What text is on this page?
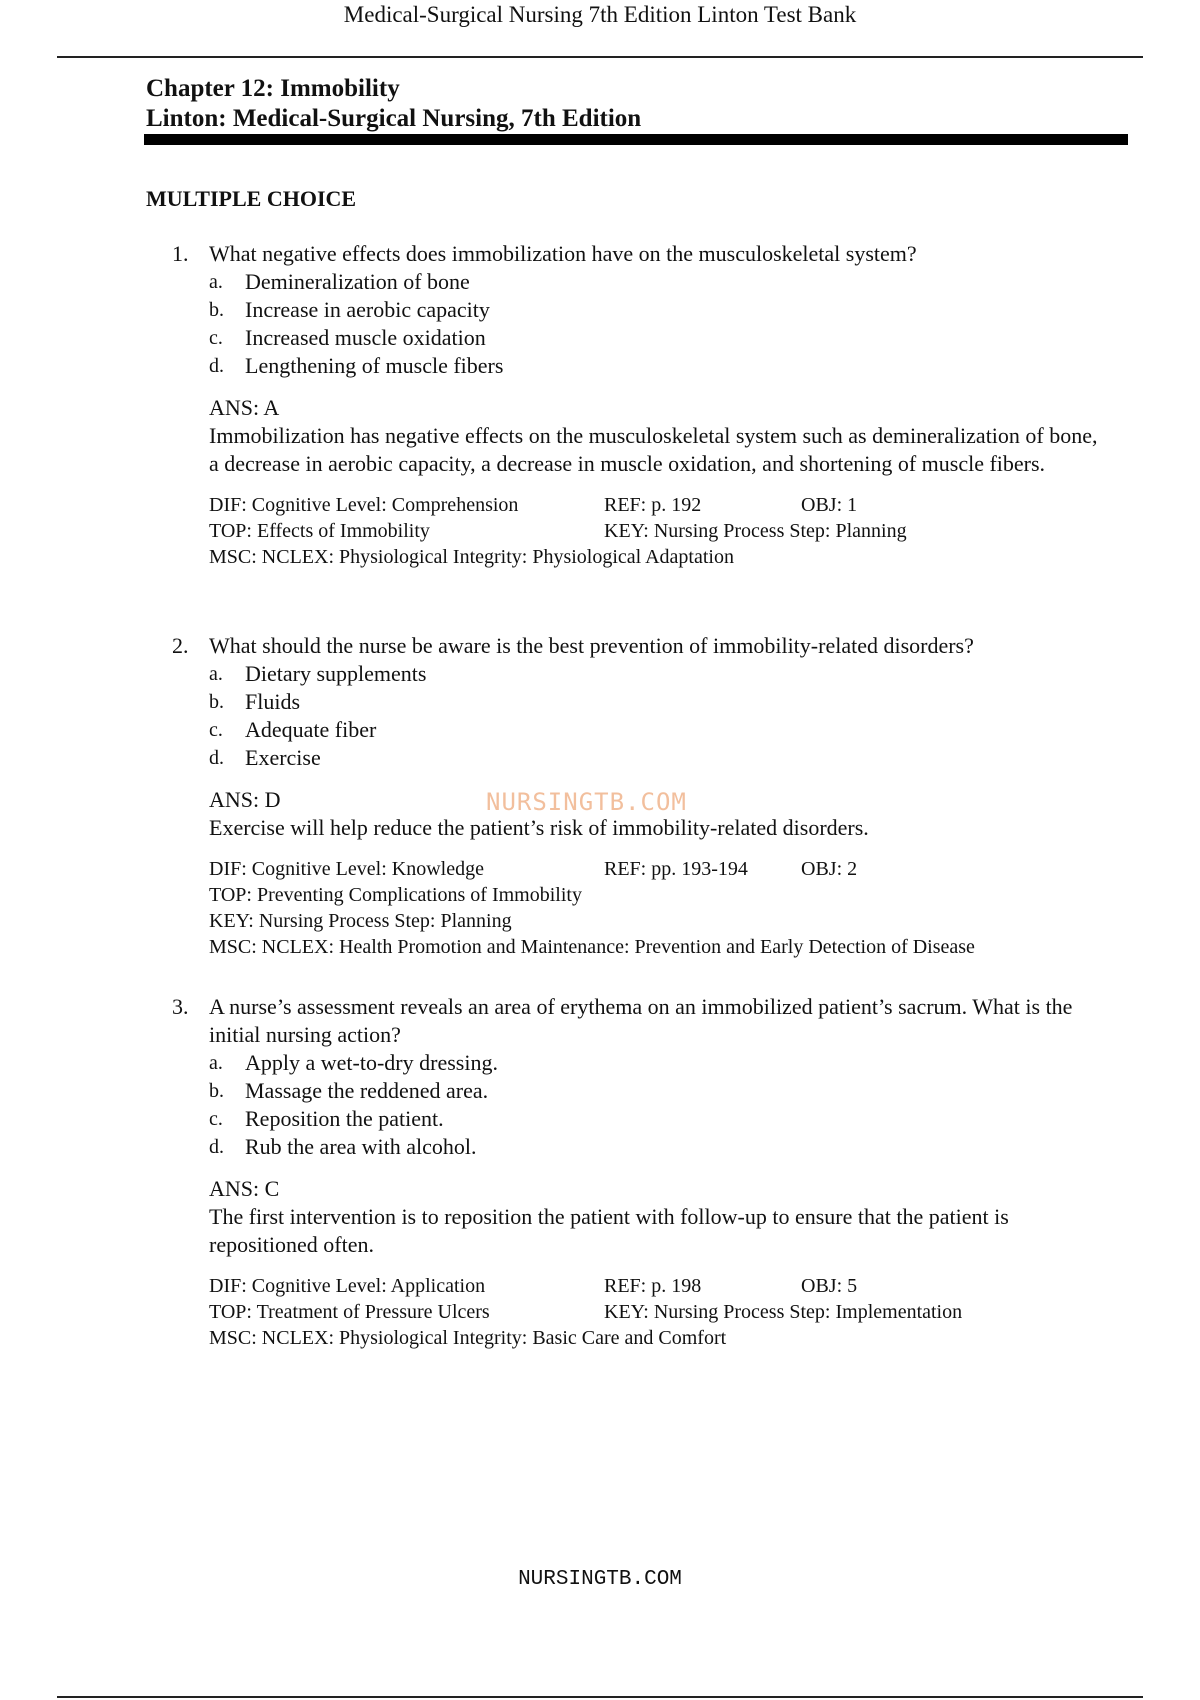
Medical-Surgical Nursing 7th Edition Linton Test Bank
Chapter 12: Immobility
Linton: Medical-Surgical Nursing, 7th Edition
MULTIPLE CHOICE
1. What negative effects does immobilization have on the musculoskeletal system?
a.	Demineralization of bone
b. Increase in aerobic capacity
c.	Increased muscle oxidation
d. Lengthening of muscle fibers
ANS: A
Immobilization has negative effects on the musculoskeletal system such as demineralization of bone, a decrease in aerobic capacity, a decrease in muscle oxidation, and shortening of muscle fibers.
DIF: Cognitive Level: Comprehension	REF: p. 192	OBJ: 1
TOP: Effects of Immobility	KEY: Nursing Process Step: Planning
MSC: NCLEX: Physiological Integrity: Physiological Adaptation
2. What should the nurse be aware is the best prevention of immobility-related disorders?
a.	Dietary supplements
b. Fluids
c.	Adequate fiber
d. Exercise
ANS: D
Exercise will help reduce the patient’s risk of immobility-related disorders.
DIF: Cognitive Level: Knowledge	REF: pp. 193-194	OBJ: 2
TOP: Preventing Complications of Immobility
KEY: Nursing Process Step: Planning
MSC: NCLEX: Health Promotion and Maintenance: Prevention and Early Detection of Disease
3. A nurse’s assessment reveals an area of erythema on an immobilized patient’s sacrum. What is the initial nursing action?
a.	Apply a wet-to-dry dressing.
b. Massage the reddened area.
c.	Reposition the patient.
d. Rub the area with alcohol.
ANS: C
The first intervention is to reposition the patient with follow-up to ensure that the patient is repositioned often.
DIF: Cognitive Level: Application	REF: p. 198	OBJ: 5
TOP: Treatment of Pressure Ulcers	KEY: Nursing Process Step: Implementation
MSC: NCLEX: Physiological Integrity: Basic Care and Comfort
NURSINGTB.COM
NURSINGTB.COM
